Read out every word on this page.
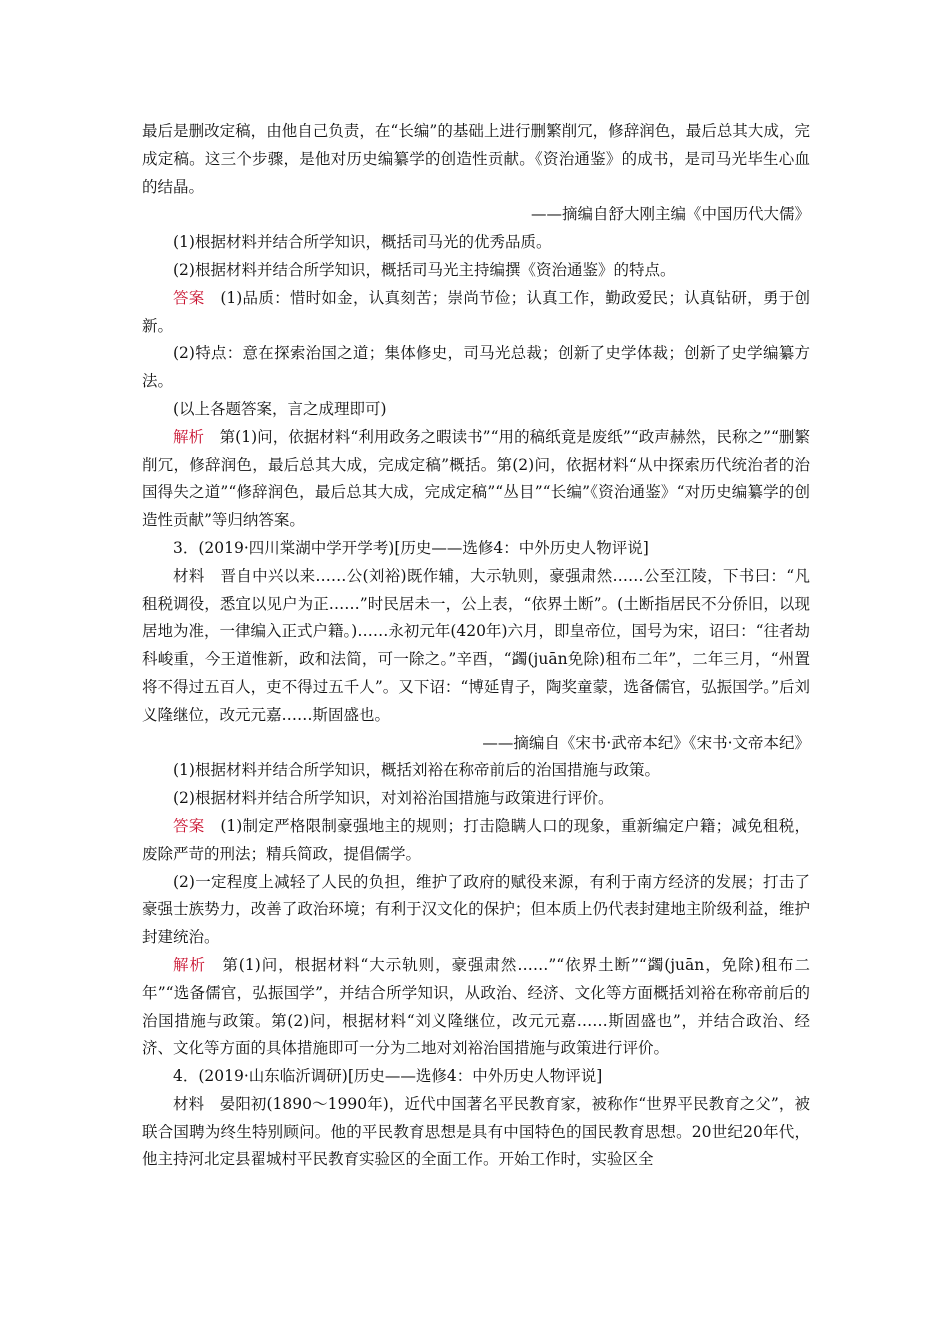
最后是删改定稿，由他自己负责，在“长编”的基础上进行删繁削冗，修辞润色，最后总其大成，完成定稿。这三个步骤，是他对历史编纂学的创造性贡献。《资治通鉴》的成书，是司马光毕生心血的结晶。

——摘编自舒大刚主编《中国历代大儒》

(1)根据材料并结合所学知识，概括司马光的优秀品质。

(2)根据材料并结合所学知识，概括司马光主持编撰《资治通鉴》的特点。

答案　 (1)品质：惜时如金，认真刻苦；崇尚节俭；认真工作，勤政爱民；认真钻研，勇于创新。

(2)特点：意在探索治国之道；集体修史，司马光总裁；创新了史学体裁；创新了史学编纂方法。

(以上各题答案，言之成理即可)

解析　 第(1)问，依据材料“利用政务之暇读书”“用的稿纸竟是废纸”“政声赫然，民称之”“删繁削冗，修辞润色，最后总其大成，完成定稿”概括。第(2)问，依据材料“从中探索历代统治者的治国得失之道”“修辞润色，最后总其大成，完成定稿”“丛目”“长编”《资治通鉴》“对历史编纂学的创造性贡献”等归纳答案。

3．(2019·四川棠湖中学开学考)[历史——选修4：中外历史人物评说]

材料　 晋自中兴以来……公(刘裕)既作辅，大示轨则，豪强肃然……公至江陵，下书曰：“凡租税调役，悉宜以见户为正……”时民居未一，公上表，“依界土断”。(土断指居民不分侨旧，以现居地为准，一律编入正式户籍。)……永初元年(420年)六月，即皇帝位，国号为宋，诏曰：“往者劫科峻重，今王道惟新，政和法简，可一除之。”辛酉，“蠲(juān免除)租布二年”，二年三月，“州置将不得过五百人，吏不得过五千人”。又下诏：“博延胄子，陶奖童蒙，选备儒官，弘振国学。”后刘义隆继位，改元元嘉……斯固盛也。

——摘编自《宋书·武帝本纪》《宋书·文帝本纪》

(1)根据材料并结合所学知识，概括刘裕在称帝前后的治国措施与政策。

(2)根据材料并结合所学知识，对刘裕治国措施与政策进行评价。

答案　 (1)制定严格限制豪强地主的规则；打击隐瞒人口的现象，重新编定户籍；减免租税，废除严苛的刑法；精兵简政，提倡儒学。

(2)一定程度上减轻了人民的负担，维护了政府的赋役来源，有利于南方经济的发展；打击了豪强士族势力，改善了政治环境；有利于汉文化的保护；但本质上仍代表封建地主阶级利益，维护封建统治。

解析　 第(1)问，根据材料“大示轨则，豪强肃然……”“依界土断”“蠲(juān，免除)租布二年”“选备儒官，弘振国学”，并结合所学知识，从政治、经济、文化等方面概括刘裕在称帝前后的治国措施与政策。第(2)问，根据材料“刘义隆继位，改元元嘉……斯固盛也”，并结合政治、经济、文化等方面的具体措施即可一分为二地对刘裕治国措施与政策进行评价。

4．(2019·山东临沂调研)[历史——选修4：中外历史人物评说]

材料　 晏阳初(1890～1990年)，近代中国著名平民教育家，被称作“世界平民教育之父”，被联合国聘为终生特别顾问。他的平民教育思想是具有中国特色的国民教育思想。20世纪20年代，他主持河北定县翟城村平民教育实验区的全面工作。开始工作时，实验区全
